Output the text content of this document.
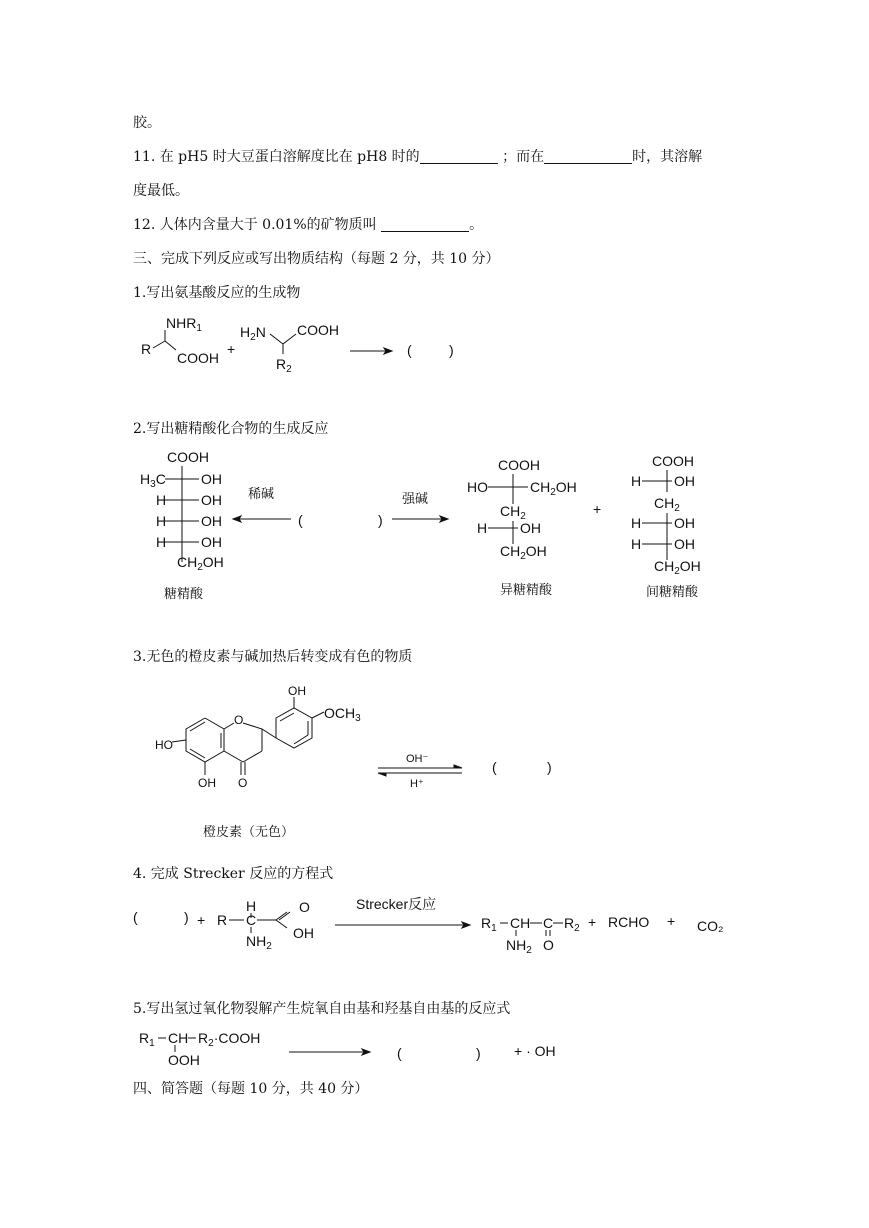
胶。
11. 在 pH5 时大豆蛋白溶解度比在 pH8 时的	；而在	时，其溶解
度最低。
12. 人体内含量大于 0.01%的矿物质叫	。
三、完成下列反应或写出物质结构（每题 2 分，共 10 分）
1.写出氨基酸反应的生成物
2.写出糖精酸化合物的生成反应
3.无色的橙皮素与碱加热后转变成有色的物质
4. 完成 Strecker 反应的方程式
5.写出氢过氧化物裂解产生烷氧自由基和羟基自由基的反应式
四、简答题（每题 10 分，共 40 分）
R
$NHR_1$
COOH
+
$H_2N$ COOH
$R_2$
(	)
COOH
$H_3C$	OH
H OH
H OH
H OH
$CH_2OH$
糖精酸
稀碱
(	)
强碱
COOH
HO	$CH_2OH$
$CH_2$
H OH
$CH_2OH$
异糖精酸
+
COOH
H OH
$CH_2$
H OH
H OH
$CH_2OH$
间糖精酸
O
O
HO
OH
OH
$OCH_3$
橙皮素（无色）
OH⁻
H⁺
(	)
(	) + R
H
C
$NH_2$
O
OH
Strecker反应
$R_1$ CH
$NH_2$
C
O
$R_2$ + RCHO + CO₂
$R_1$ CH $R_2\cdot COOH$
OOH	(	) + · OH
